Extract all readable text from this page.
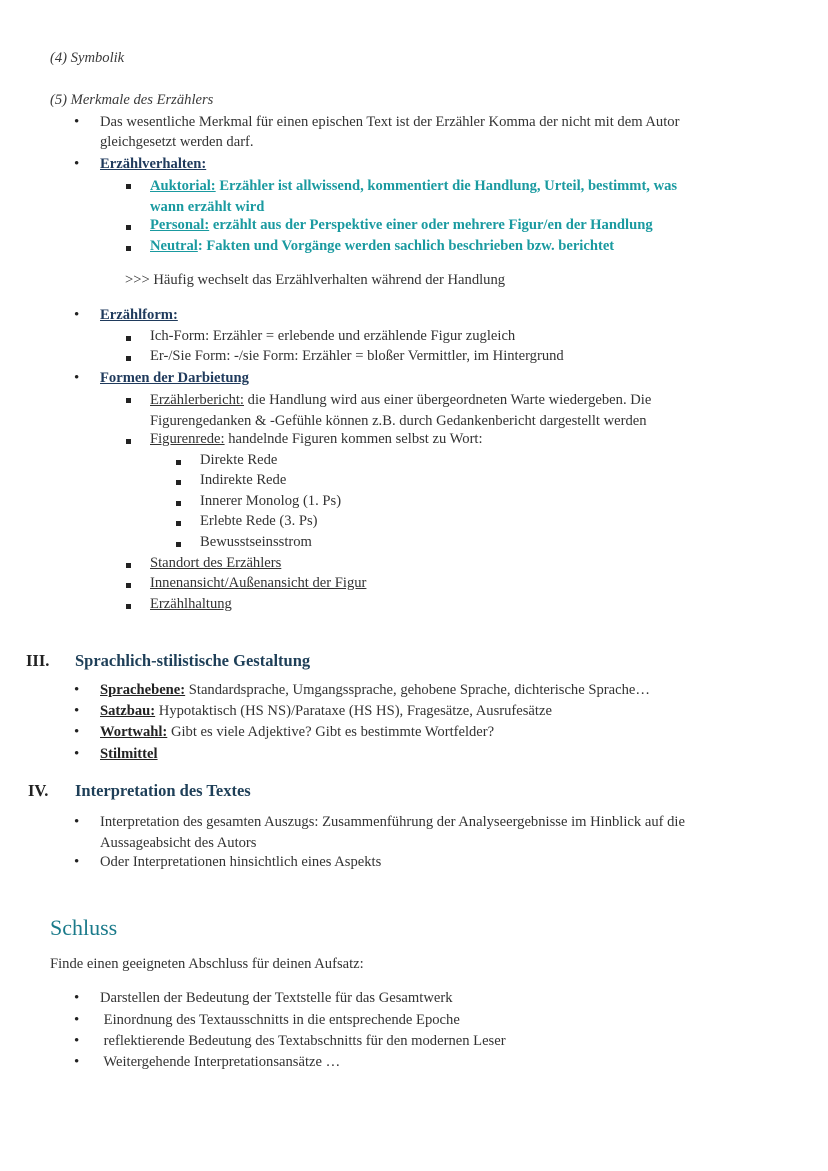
(4) Symbolik
(5) Merkmale des Erzählers
• Das wesentliche Merkmal für einen epischen Text ist der Erzähler Komma der nicht mit dem Autor
gleichgesetzt werden darf.
• Erzählverhalten:
Auktorial: Erzähler ist allwissend, kommentiert die Handlung, Urteil, bestimmt, was
wann erzählt wird
Personal: erzählt aus der Perspektive einer oder mehrere Figur/en der Handlung
Neutral: Fakten und Vorgänge werden sachlich beschrieben bzw. berichtet
>>> Häufig wechselt das Erzählverhalten während der Handlung
• Erzählform:
Ich-Form: Erzähler = erlebende und erzählende Figur zugleich
Er-/Sie Form: -/sie Form: Erzähler = bloßer Vermittler, im Hintergrund
• Formen der Darbietung
Erzählerbericht: die Handlung wird aus einer übergeordneten Warte wiedergeben. Die
Figurengedanken & -Gefühle können z.B. durch Gedankenbericht dargestellt werden
Figurenrede: handelnde Figuren kommen selbst zu Wort:
Direkte Rede
Indirekte Rede
Innerer Monolog (1. Ps)
Erlebte Rede (3. Ps)
Bewusstseinsstrom
Standort des Erzählers
Innenansicht/Außenansicht der Figur
Erzählhaltung
III. Sprachlich-stilistische Gestaltung
• Sprachebene: Standardsprache, Umgangssprache, gehobene Sprache, dichterische Sprache…
• Satzbau: Hypotaktisch (HS NS)/Parataxe (HS HS), Fragesätze, Ausrufesätze
• Wortwahl: Gibt es viele Adjektive? Gibt es bestimmte Wortfelder?
• Stilmittel
IV. Interpretation des Textes
• Interpretation des gesamten Auszugs: Zusammenführung der Analyseergebnisse im Hinblick auf die
Aussageabsicht des Autors
• Oder Interpretationen hinsichtlich eines Aspekts
Schluss
Finde einen geeigneten Abschluss für deinen Aufsatz:
• Darstellen der Bedeutung der Textstelle für das Gesamtwerk
•  Einordnung des Textausschnitts in die entsprechende Epoche
•  reflektierende Bedeutung des Textabschnitts für den modernen Leser
•  Weitergehende Interpretationsansätze …
